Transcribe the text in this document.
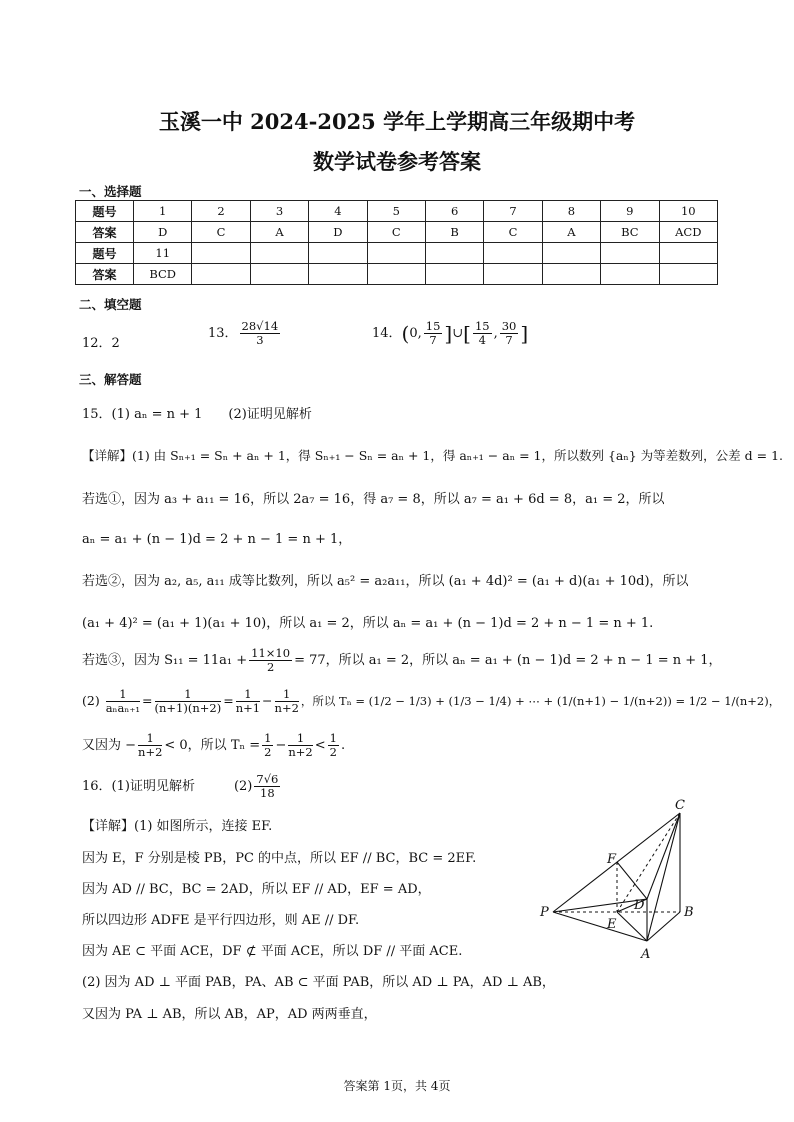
玉溪一中 2024-2025 学年上学期高三年级期中考
数学试卷参考答案
一、选择题
题号	1	2	3	4	5	6	7	8	9	10
答案	D	C	A	D	C	B	C	A	BC	ACD
题号	11									
答案	BCD									
二、填空题
12．2
13． $\frac{28√14}{3}$	14．(0, $\frac{15}{7}$ ]∪[ $\frac{15}{4}$ , $\frac{30}{7}$ ]
三、解答题
15．(1) aₙ = n + 1　　(2)证明见解析
【详解】(1) 由 Sₙ₊₁ = Sₙ + aₙ + 1，得 Sₙ₊₁ − Sₙ = aₙ + 1，得 aₙ₊₁ − aₙ = 1，所以数列 {aₙ} 为等差数列，公差 d = 1.
若选①，因为 a₃ + a₁₁ = 16，所以 2a₇ = 16，得 a₇ = 8，所以 a₇ = a₁ + 6d = 8，a₁ = 2，所以
aₙ = a₁ + (n − 1)d = 2 + n − 1 = n + 1，
若选②，因为 a₂, a₅, a₁₁ 成等比数列，所以 a₅² = a₂a₁₁，所以 (a₁ + 4d)² = (a₁ + d)(a₁ + 10d)，所以
(a₁ + 4)² = (a₁ + 1)(a₁ + 10)，所以 a₁ = 2，所以 aₙ = a₁ + (n − 1)d = 2 + n − 1 = n + 1.
若选③，因为 $S_{11} = 11a_1 + \frac{11\times 10}{2} = 77$，所以 a₁ = 2，所以 aₙ = a₁ + (n − 1)d = 2 + n − 1 = n + 1，
$(2) \frac{1}{\text{aₙaₙ₊₁}} = \frac{1}{(n+1)(n+2)} = \frac{1}{n+1} - \frac{1}{n+2}$ ，所以 Tₙ = (1/2 − 1/3) + (1/3 − 1/4) + ⋯ + (1/(n+1) − 1/(n+2)) = 1/2 − 1/(n+2)，
又因为 − $\frac{1}{n+2} < 0$，所以 $T_n = \frac{1}{2} - \frac{1}{n+2} < \frac{1}{2}$ .
16．(1)证明见解析　　　$(2) \frac{7√6}{18}$
【详解】(1) 如图所示，连接 EF.
因为 E，F 分别是棱 PB，PC 的中点，所以 EF // BC，BC = 2EF.
因为 AD // BC，BC = 2AD，所以 EF // AD，EF = AD，
所以四边形 ADFE 是平行四边形，则 AE // DF.
因为 AE ⊂ 平面 ACE，DF ⊄ 平面 ACE，所以 DF // 平面 ACE.
(2) 因为 AD ⊥ 平面 PAB，PA、AB ⊂ 平面 PAB，所以 AD ⊥ PA，AD ⊥ AB，
又因为 PA ⊥ AB，所以 AB，AP，AD 两两垂直，
C
F
D
P
E
B
A
答案第 1页，共 4页
